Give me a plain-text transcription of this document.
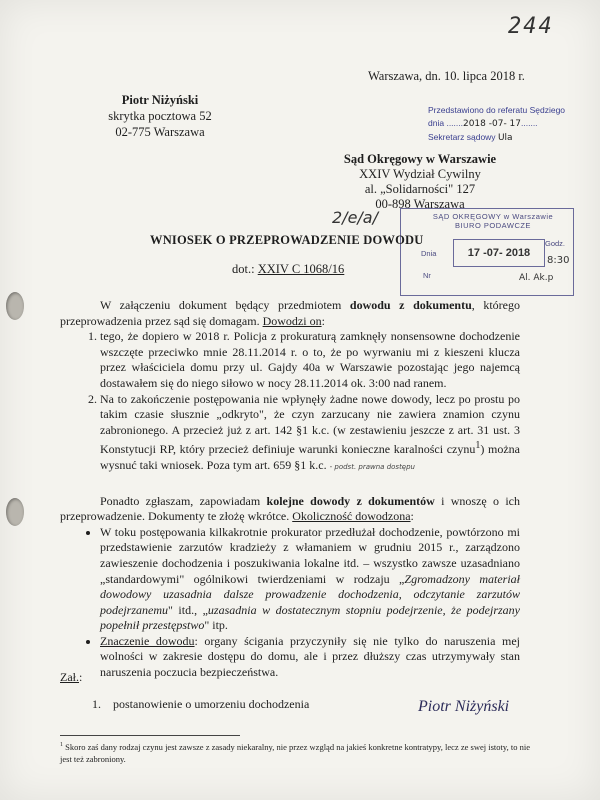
244
Warszawa, dn. 10. lipca 2018 r.
Piotr Niżyński
skrytka pocztowa 52
02-775 Warszawa
Przedstawiono do referatu Sędziego
dnia .......2018 -07- 17.......
Sekretarz sądowy Ula
Sąd Okręgowy w Warszawie
XXIV Wydział Cywilny
al. „Solidarności" 127
00-898 Warszawa
2/e/a/	SĄD OKRĘGOWY w Warszawie
BIURO PODAWCZE
Dnia	17 -07- 2018
Godz.
8:30
Nr	Al. Ak.p
WNIOSEK O PRZEPROWADZENIE DOWODU
dot.: XXIV C 1068/16

W załączeniu dokument będący przedmiotem dowodu z dokumentu, którego przeprowadzenia przez sąd się domagam. Dowodzi on:

1. tego, że dopiero w 2018 r. Policja z prokuraturą zamknęły nonsensowne dochodzenie wszczęte przeciwko mnie 28.11.2014 r. o to, że po wyrwaniu mi z kieszeni klucza przez właściciela domu przy ul. Gajdy 40a w Warszawie pozostając jego najemcą dostawałem się do niego siłowo w nocy 28.11.2014 ok. 3:00 nad ranem.
2. Na to zakończenie postępowania nie wpłynęły żadne nowe dowody, lecz po prostu po takim czasie słusznie „odkryto", że czyn zarzucany nie zawiera znamion czynu zabronionego. A przecież już z art. 142 §1 k.c. (w zestawieniu jeszcze z art. 31 ust. 3 Konstytucji RP, który przecież definiuje warunki konieczne karalności czynu$^1$) można wysnuć taki wniosek. Poza tym art. 659 §1 k.c. - podst. prawna dostępu

Ponadto zgłaszam, zapowiadam kolejne dowody z dokumentów i wnoszę o ich przeprowadzenie. Dokumenty te złożę wkrótce. Okoliczność dowodzona:

• W toku postępowania kilkakrotnie prokurator przedłużał dochodzenie, powtórzono mi przedstawienie zarzutów kradzieży z włamaniem w grudniu 2015 r., zarządzono zawieszenie dochodzenia i poszukiwania lokalne itd. – wszystko zawsze uzasadniano „standardowymi" ogólnikowi twierdzeniami w rodzaju „Zgromadzony materiał dowodowy uzasadnia dalsze prowadzenie dochodzenia, odczytanie zarzutów podejrzanemu" itd., „uzasadnia w dostatecznym stopniu podejrzenie, że podejrzany popełnił przestępstwo" itp.
• Znaczenie dowodu: organy ścigania przyczyniły się nie tylko do naruszenia mej wolności w zakresie dostępu do domu, ale i przez dłuższy czas utrzymywały stan naruszenia poczucia bezpieczeństwa.
Zał.:
1. postanowienie o umorzeniu dochodzenia	Piotr Niżyński
$^1$ Skoro zaś dany rodzaj czynu jest zawsze z zasady niekaralny, nie przez wzgląd na jakieś konkretne kontratypy, lecz ze swej istoty, to nie jest też zabroniony.
